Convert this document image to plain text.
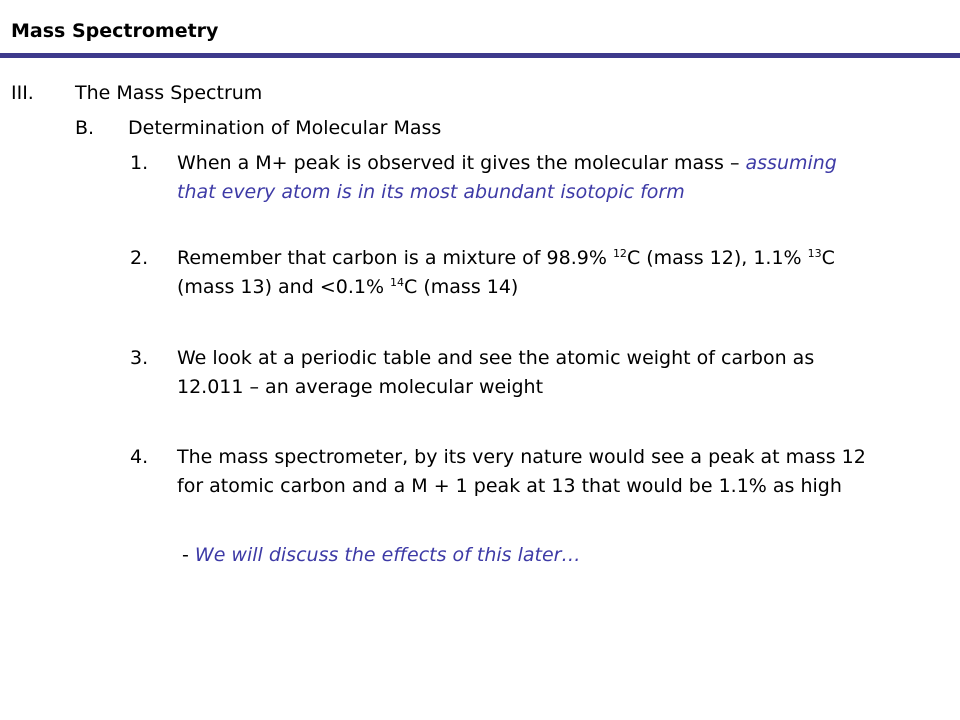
Mass Spectrometry
III. The Mass Spectrum
B. Determination of Molecular Mass
1. When a M+ peak is observed it gives the molecular mass – assuming
that every atom is in its most abundant isotopic form
2. Remember that carbon is a mixture of 98.9% $^{12}$C (mass 12), 1.1% $^{13}$C
(mass 13) and <0.1% $^{14}$C (mass 14)
3. We look at a periodic table and see the atomic weight of carbon as
12.011 – an average molecular weight
4. The mass spectrometer, by its very nature would see a peak at mass 12
for atomic carbon and a M + 1 peak at 13 that would be 1.1% as high
- We will discuss the effects of this later…
